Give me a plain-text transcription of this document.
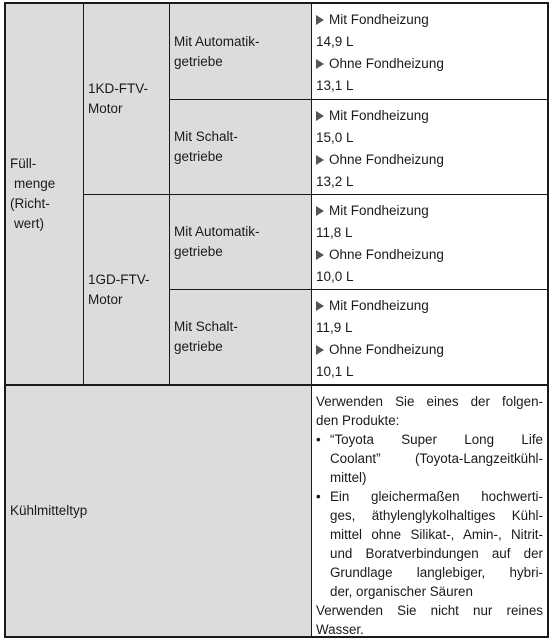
Füll-
menge
(Richt-
wert)
1KD-FTV-
Motor
1GD-FTV-
Motor
Mit Automatik-
getriebe
Mit Schalt-
getriebe
Mit Automatik-
getriebe
Mit Schalt-
getriebe
Mit Fondheizung
14,9 L
Ohne Fondheizung
13,1 L
Mit Fondheizung
15,0 L
Ohne Fondheizung
13,2 L
Mit Fondheizung
11,8 L
Ohne Fondheizung
10,0 L
Mit Fondheizung
11,9 L
Ohne Fondheizung
10,1 L
Kühlmitteltyp
Verwenden Sie eines der folgen-
den Produkte:
• “Toyota Super Long Life
Coolant” (Toyota-Langzeitkühl-
mittel)
• Ein gleichermaßen hochwerti-
ges, äthylenglykolhaltiges Kühl-
mittel ohne Silikat-, Amin-, Nitrit-
und Boratverbindungen auf der
Grundlage langlebiger, hybri-
der, organischer Säuren
Verwenden Sie nicht nur reines
Wasser.
